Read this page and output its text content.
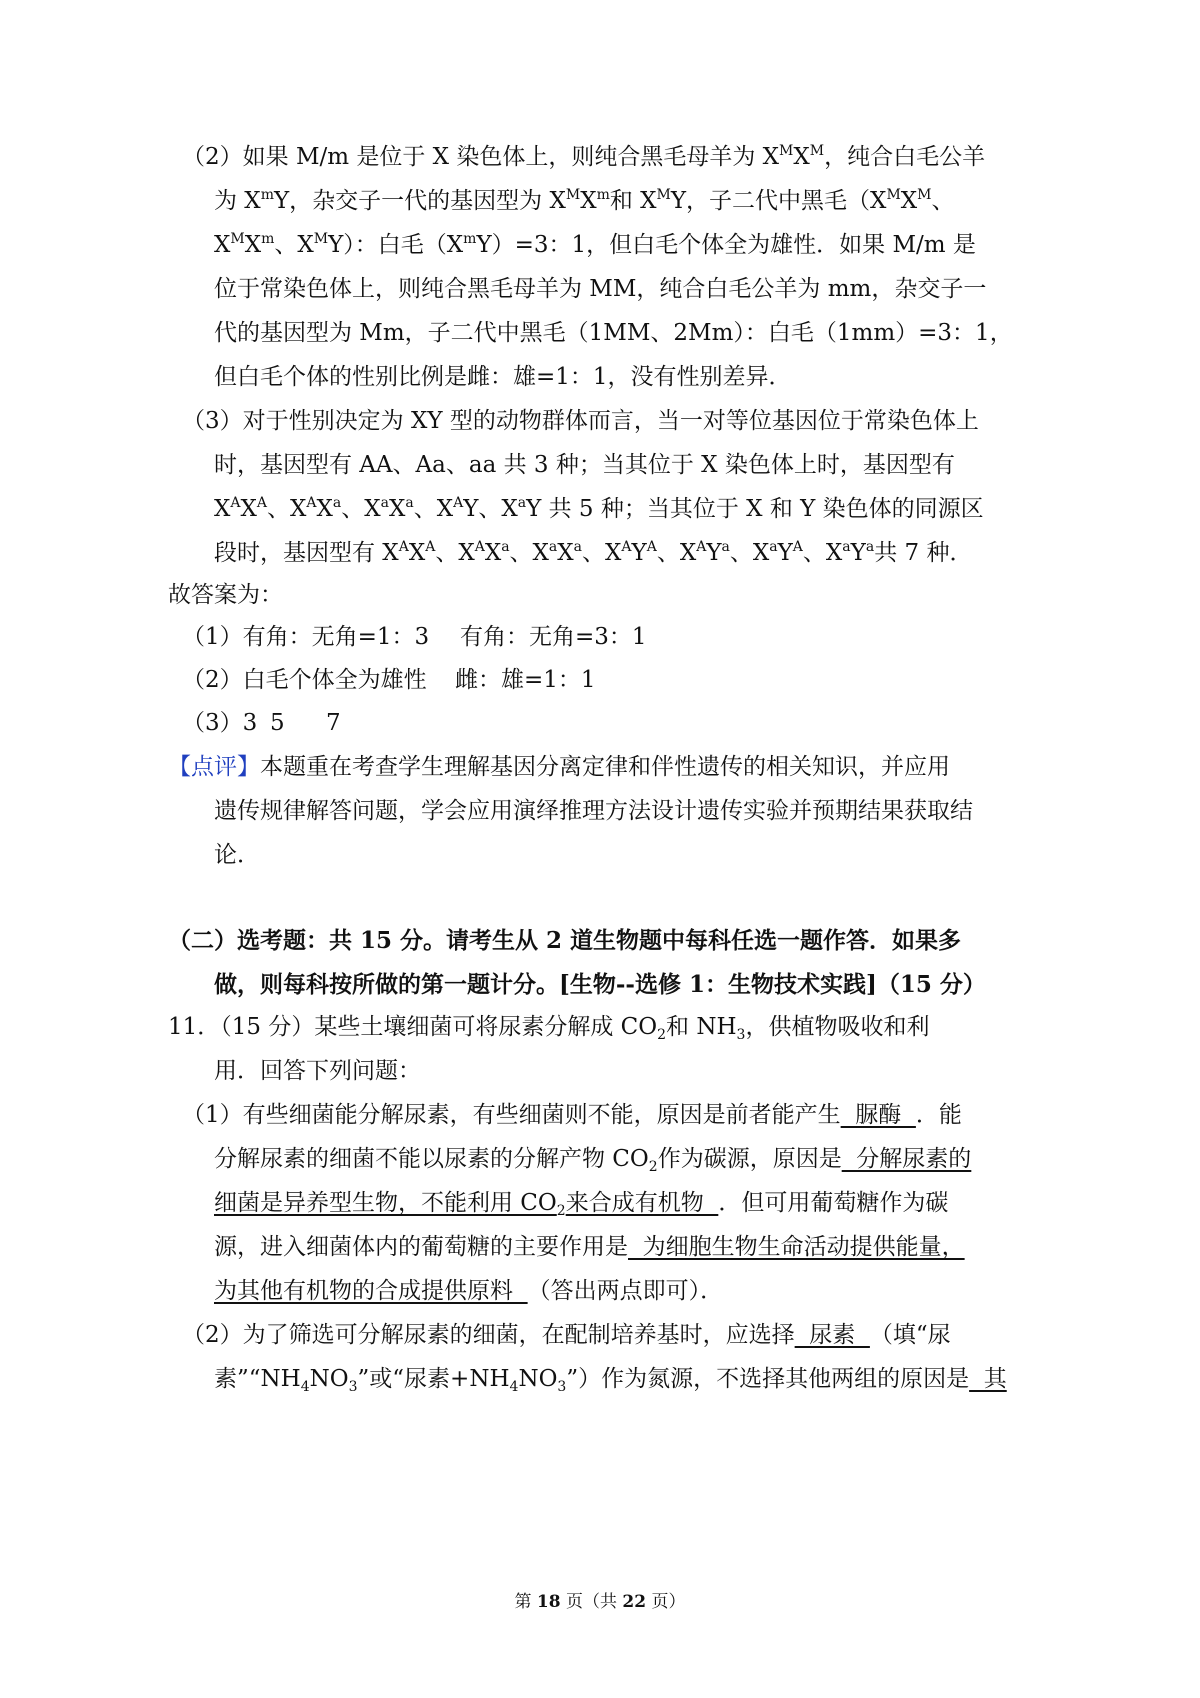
（2）如果 M/m 是位于 X 染色体上，则纯合黑毛母羊为 $X^MX^M$，纯合白毛公羊
为 $X^mY$，杂交子一代的基因型为 $X^MX^m$和 $X^MY$，子二代中黑毛（$X^MX^M$、
$X^MX^m$、$X^MY$）：白毛$(X^mY)=3$：1，但白毛个体全为雄性．如果 M/m 是
位于常染色体上，则纯合黑毛母羊为 MM，纯合白毛公羊为 mm，杂交子一
代的基因型为 Mm，子二代中黑毛（1MM、2Mm）：白毛（1mm）=3：1，
但白毛个体的性别比例是雌：雄=1：1，没有性别差异．
（3）对于性别决定为 XY 型的动物群体而言，当一对等位基因位于常染色体上
时，基因型有 AA、Aa、aa 共 3 种；当其位于 X 染色体上时，基因型有
$X^AX^A$、$X^AX^a$、$X^aX^a$、$X^AY$、$X^aY$ 共 5 种；当其位于 X 和 Y 染色体的同源区
段时，基因型有 $X^AX^A$、$X^AX^a$、$X^aX^a$、$X^AY^A$、$X^AY^a$、$X^aY^A$、$X^aY^a$共 7 种．
故答案为：
（1）有角：无角=1：3 有角：无角=3：1
（2）白毛个体全为雄性 雌：雄=1：1
（3）3 5 7
【点评】本题重在考查学生理解基因分离定律和伴性遗传的相关知识，并应用
遗传规律解答问题，学会应用演绎推理方法设计遗传实验并预期结果获取结
论．
（二）选考题：共 15 分。请考生从 2 道生物题中每科任选一题作答．如果多
做，则每科按所做的第一题计分。[生物--选修 1：生物技术实践]（15 分）
11．（15 分）某些土壤细菌可将尿素分解成 $CO_2$和 $NH_3$，供植物吸收和利
用．回答下列问题：
（1）有些细菌能分解尿素，有些细菌则不能，原因是前者能产生  脲酶  ．能
分解尿素的细菌不能以尿素的分解产物 $CO_2$作为碳源，原因是  分解尿素的
细菌是异养型生物，不能利用 $CO_2$来合成有机物  ．但可用葡萄糖作为碳
源，进入细菌体内的葡萄糖的主要作用是  为细胞生物生命活动提供能量，
为其他有机物的合成提供原料  （答出两点即可）．
（2）为了筛选可分解尿素的细菌，在配制培养基时，应选择  尿素  （填“尿
素$”“NH_4NO_3$”或“尿素$+NH_4NO_3$”）作为氮源，不选择其他两组的原因是  其
第 18 页（共 22 页）
